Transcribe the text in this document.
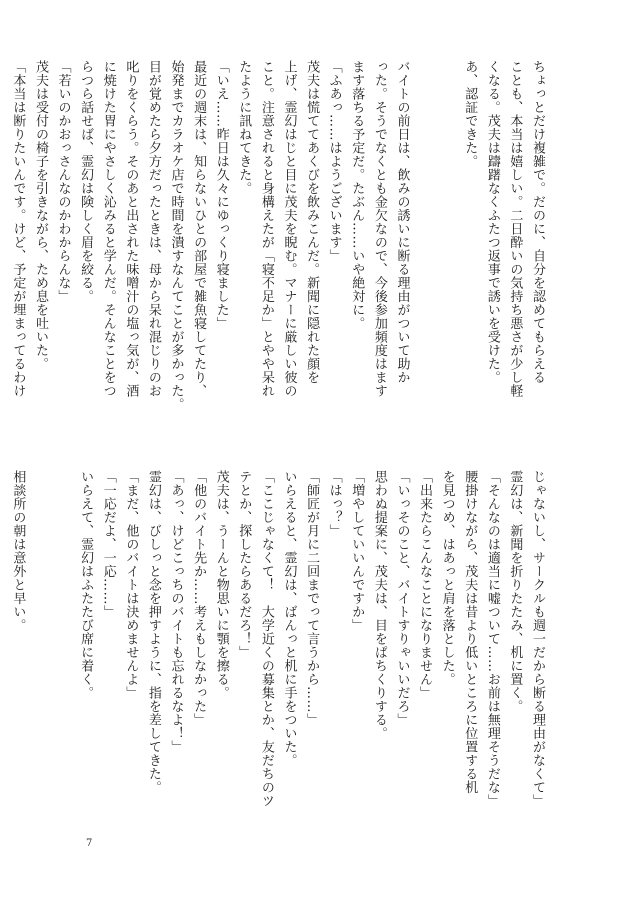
ちょっとだけ複雑で。だのに、自分を認めてもらえる
ことも、本当は嬉しい。二日酔いの気持ち悪さが少し軽
くなる。茂夫は躊躇なくふたつ返事で誘いを受けた。
あ、認証できた。

バイトの前日は、飲みの誘いに断る理由がついて助か
った。そうでなくとも金欠なので、今後参加頻度はます
ます落ちる予定だ。たぶん……いや絶対に。
「ふあっ……はようございます」
茂夫は慌ててあくびを飲みこんだ。新聞に隠れた顔を
上げ、霊幻はじと目に茂夫を睨む。マナーに厳しい彼の
こと。注意されると身構えたが「寝不足か」とやや呆れ
たように訊ねてきた。
「いえ……昨日は久々にゆっくり寝ました」
最近の週末は、知らないひとの部屋で雑魚寝してたり、
始発までカラオケ店で時間を潰すなんてことが多かった。
目が覚めたら夕方だったときは、母から呆れ混じりのお
叱りをくらう。そのあと出された味噌汁の塩っ気が、酒
に焼けた胃にやさしく沁みると学んだ。そんなことをつ
らつら話せば、霊幻は険しく眉を絞る。
「若いのかおっさんなのかわからんな」
茂夫は受付の椅子を引きながら、ため息を吐いた。
「本当は断りたいんです。けど、予定が埋まってるわけ
じゃないし、サークルも週一だから断る理由がなくて」
霊幻は、新聞を折りたたみ、机に置く。
「そんなのは適当に嘘ついて……お前は無理そうだな」
腰掛けながら、茂夫は昔より低いところに位置する机
を見つめ、はあっと肩を落とした。
「出来たらこんなことになりません」
「いっそのこと、バイトすりゃいいだろ」
思わぬ提案に、茂夫は、目をぱちくりする。
「増やしていいんですか」
「はっ？」
「師匠が月に二回までって言うから……」
いらえると、霊幻は、ばんっと机に手をついた。
「ここじゃなくて！　大学近くの募集とか、友だちのツ
テとか、探したらあるだろ！」
茂夫は、うーんと物思いに顎を擦る。
「他のバイト先か……考えもしなかった」
「あっ、けどこっちのバイトも忘れるなよ！」
霊幻は、びしっと念を押すように、指を差してきた。
「まだ、他のバイトは決めませんよ」
「一応だよ、一応……」
いらえて、霊幻はふたたび席に着く。

相談所の朝は意外と早い。
7
